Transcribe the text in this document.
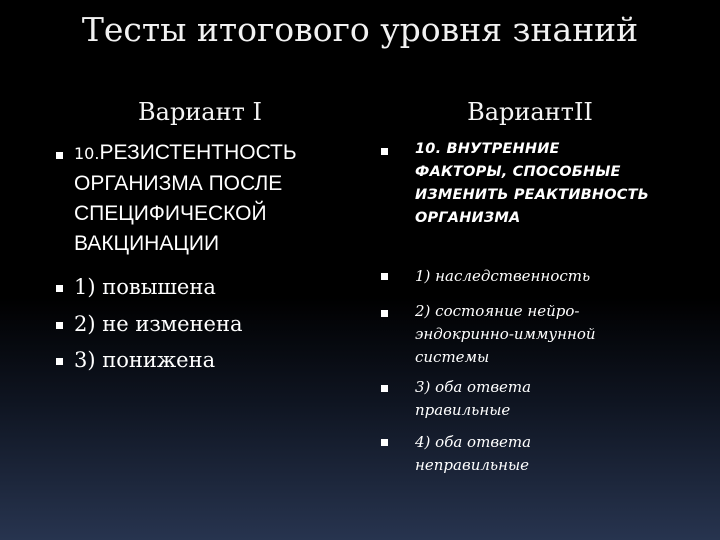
Тесты итогового уровня знаний
Вариант I	ВариантII
10.РЕЗИСТЕНТНОСТЬ ОРГАНИЗМА ПОСЛЕ СПЕЦИФИЧЕСКОЙ ВАКЦИНАЦИИ
1) повышена
2) не изменена
3) понижена
10. ВНУТРЕННИЕ ФАКТОРЫ, СПОСОБНЫЕ ИЗМЕНИТЬ РЕАКТИВНОСТЬ ОРГАНИЗМА
1) наследственность
2) состояние нейро-эндокринно-иммунной системы
3) оба ответа правильные
4) оба ответа неправильные
